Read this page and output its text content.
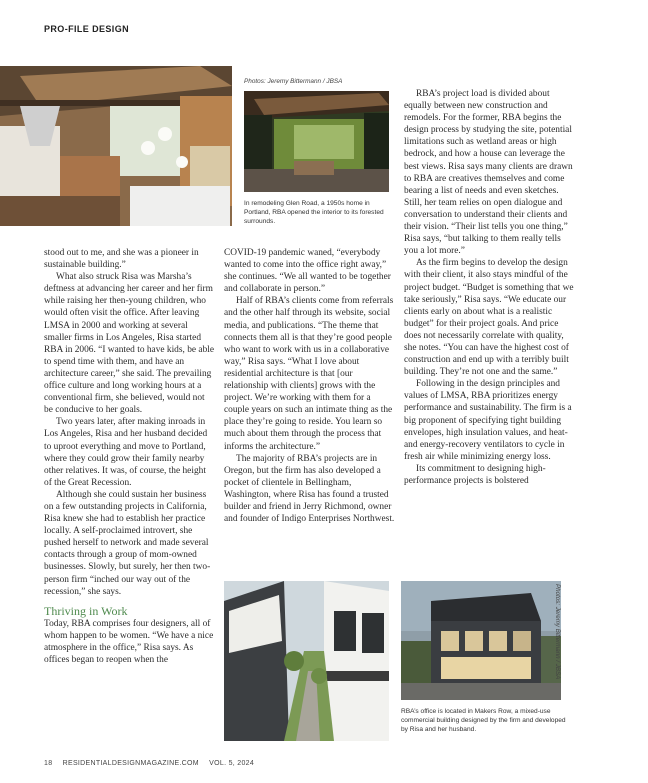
PRO-FILE DESIGN
Photos: Jeremy Bittermann / JBSA
In remodeling Glen Road, a 1950s home in Portland, RBA opened the interior to its forested surrounds.

stood out to me, and she was a pioneer in sustainable building.”

What also struck Risa was Marsha’s deftness at advancing her career and her firm while raising her then-young children, who would often visit the office. After leaving LMSA in 2000 and working at several smaller firms in Los Angeles, Risa started RBA in 2006. “I wanted to have kids, be able to spend time with them, and have an architecture career,” she said. The prevailing office culture and long working hours at a conventional firm, she believed, would not be conducive to her goals.

Two years later, after making inroads in Los Angeles, Risa and her husband decided to uproot everything and move to Portland, where they could grow their family nearby other relatives. It was, of course, the height of the Great Recession.

Although she could sustain her business on a few outstanding projects in California, Risa knew she had to establish her practice locally. A self-proclaimed introvert, she pushed herself to network and made several contacts through a group of mom-owned businesses. Slowly, but surely, her then two-person firm “inched our way out of the recession,” she says.

Thriving in Work

Today, RBA comprises four designers, all of whom happen to be women. “We have a nice atmosphere in the office,” Risa says. As offices began to reopen when the

COVID-19 pandemic waned, “everybody wanted to come into the office right away,” she continues. “We all wanted to be together and collaborate in person.”

Half of RBA’s clients come from referrals and the other half through its website, social media, and publications. “The theme that connects them all is that they’re good people who want to work with us in a collaborative way,” Risa says. “What I love about residential architecture is that [our relationship with clients] grows with the project. We’re working with them for a couple years on such an intimate thing as the place they’re going to reside. You learn so much about them through the process that informs the architecture.”

The majority of RBA’s projects are in Oregon, but the firm has also developed a pocket of clientele in Bellingham, Washington, where Risa has found a trusted builder and friend in Jerry Richmond, owner and founder of Indigo Enterprises Northwest.

RBA’s project load is divided about equally between new construction and remodels. For the former, RBA begins the design process by studying the site, potential limitations such as wetland areas or high bedrock, and how a house can leverage the best views. Risa says many clients are drawn to RBA are creatives themselves and come bearing a list of needs and even sketches. Still, her team relies on open dialogue and conversation to understand their clients and their vision. “Their list tells you one thing,” Risa says, “but talking to them really tells you a lot more.”

As the firm begins to develop the design with their client, it also stays mindful of the project budget. “Budget is something that we take seriously,” Risa says. “We educate our clients early on about what is a realistic budget” for their project goals. And price does not necessarily correlate with quality, she notes. “You can have the highest cost of construction and end up with a terribly built building. They’re not one and the same.”

Following in the design principles and values of LMSA, RBA prioritizes energy performance and sustainability. The firm is a big proponent of specifying tight building envelopes, high insulation values, and heat- and energy-recovery ventilators to cycle in fresh air while minimizing energy loss.

Its commitment to designing high-performance projects is bolstered

Photos: Jeremy Bittermann / JBSA
RBA’s office is located in Makers Row, a mixed-use commercial building designed by the firm and developed by Risa and her husband.
18 RESIDENTIALDESIGNMAGAZINE.COM VOL. 5, 2024
